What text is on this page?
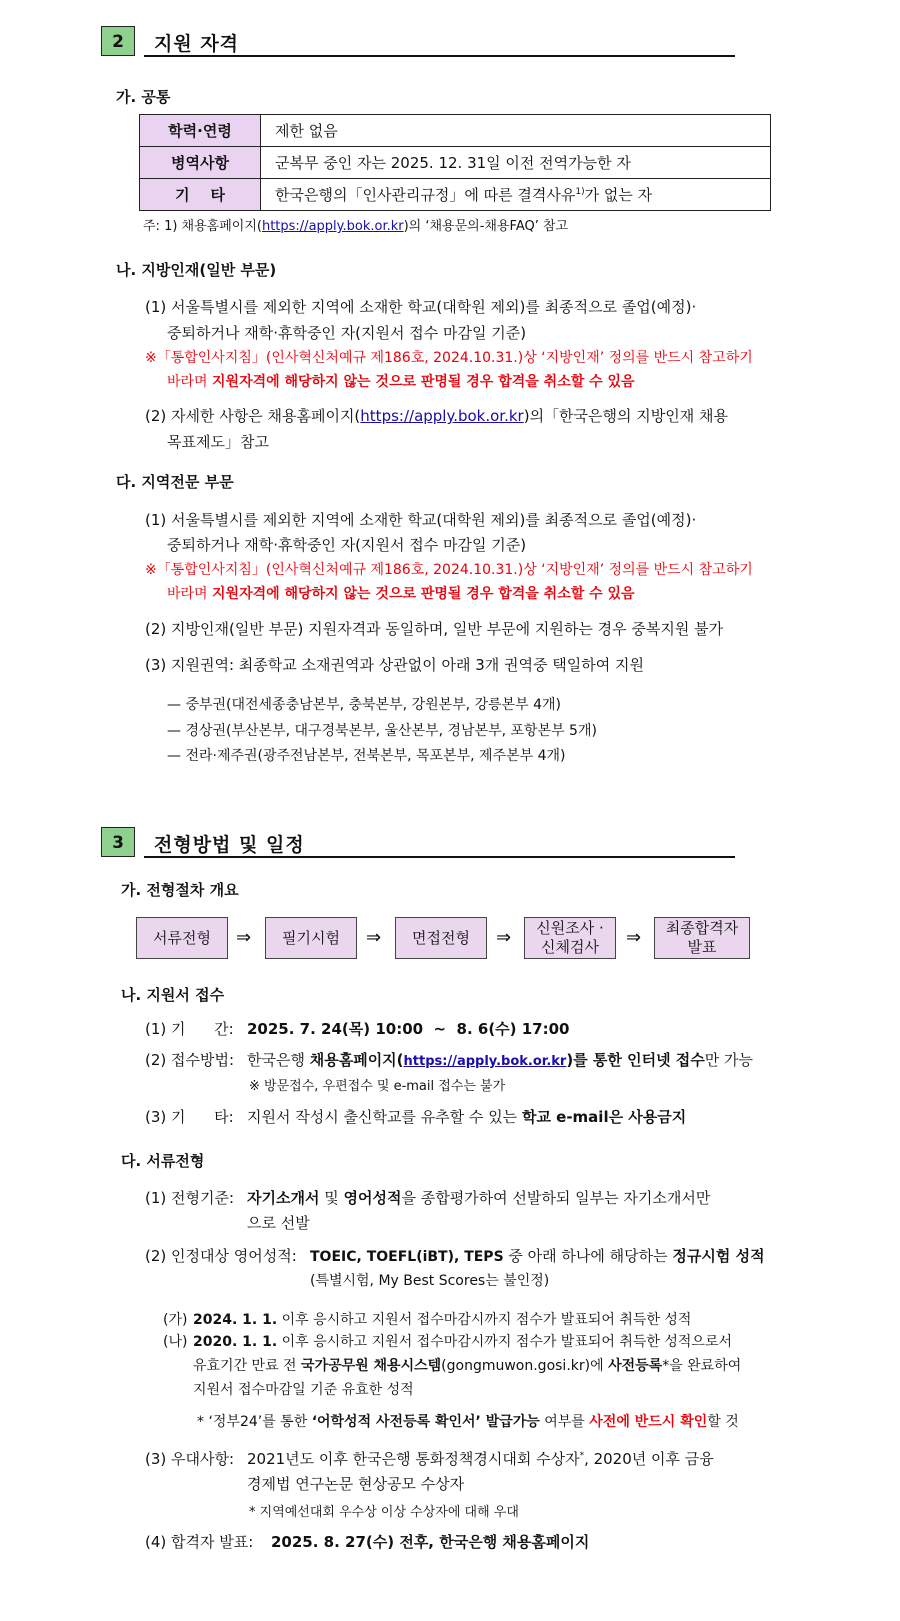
2	지원 자격
가. 공통
학력·연령	제한 없음
병역사항	군복무 중인 자는 2025. 12. 31일 이전 전역가능한 자
기    타	한국은행의「인사관리규정」에 따른 결격사유$^{1)}$가 없는 자
주: 1) 채용홈페이지(https://apply.bok.or.kr)의 ‘채용문의-채용FAQ’ 참고
나. 지방인재(일반 부문)
(1) 서울특별시를 제외한 지역에 소재한 학교(대학원 제외)를 최종적으로 졸업(예정)·
중퇴하거나 재학·휴학중인 자(지원서 접수 마감일 기준)
※「통합인사지침」(인사혁신처예규 제186호, 2024.10.31.)상 ‘지방인재’ 정의를 반드시 참고하기
바라며 지원자격에 해당하지 않는 것으로 판명될 경우 합격을 취소할 수 있음
(2) 자세한 사항은 채용홈페이지(https://apply.bok.or.kr)의「한국은행의 지방인재 채용
목표제도」참고
다. 지역전문 부문
(1) 서울특별시를 제외한 지역에 소재한 학교(대학원 제외)를 최종적으로 졸업(예정)·
중퇴하거나 재학·휴학중인 자(지원서 접수 마감일 기준)
※「통합인사지침」(인사혁신처예규 제186호, 2024.10.31.)상 ‘지방인재’ 정의를 반드시 참고하기
바라며 지원자격에 해당하지 않는 것으로 판명될 경우 합격을 취소할 수 있음
(2) 지방인재(일반 부문) 지원자격과 동일하며, 일반 부문에 지원하는 경우 중복지원 불가
(3) 지원권역: 최종학교 소재권역과 상관없이 아래 3개 권역중 택일하여 지원
— 중부권(대전세종충남본부, 충북본부, 강원본부, 강릉본부 4개)
— 경상권(부산본부, 대구경북본부, 울산본부, 경남본부, 포항본부 5개)
— 전라·제주권(광주전남본부, 전북본부, 목포본부, 제주본부 4개)
3	전형방법 및 일정
가. 전형절차 개요
서류전형 ⇒ 필기시험 ⇒ 면접전형 ⇒ 신원조사 ·
신체검사 ⇒ 최종합격자
발표
나. 지원서 접수
(1) 기      간: 2025. 7. 24(목) 10:00  ~  8. 6(수) 17:00
(2) 접수방법: 한국은행 채용홈페이지(https://apply.bok.or.kr)를 통한 인터넷 접수만 가능
※ 방문접수, 우편접수 및 e-mail 접수는 불가
(3) 기      타: 지원서 작성시 출신학교를 유추할 수 있는 학교 e-mail은 사용금지
다. 서류전형
(1) 전형기준: 자기소개서 및 영어성적을 종합평가하여 선발하되 일부는 자기소개서만
으로 선발
(2) 인정대상 영어성적: TOEIC, TOEFL(iBT), TEPS 중 아래 하나에 해당하는 정규시험 성적
(특별시험, My Best Scores는 불인정)
(가) 2024. 1. 1. 이후 응시하고 지원서 접수마감시까지 점수가 발표되어 취득한 성적
(나) 2020. 1. 1. 이후 응시하고 지원서 접수마감시까지 점수가 발표되어 취득한 성적으로서
유효기간 만료 전 국가공무원 채용시스템(gongmuwon.gosi.kr)에 사전등록*을 완료하여
지원서 접수마감일 기준 유효한 성적
* ‘정부24’를 통한 ‘어학성적 사전등록 확인서’ 발급가능 여부를 사전에 반드시 확인할 것
(3) 우대사항: 2021년도 이후 한국은행 통화정책경시대회 수상자*, 2020년 이후 금융
경제법 연구논문 현상공모 수상자
* 지역예선대회 우수상 이상 수상자에 대해 우대
(4) 합격자 발표: 2025. 8. 27(수) 전후, 한국은행 채용홈페이지
